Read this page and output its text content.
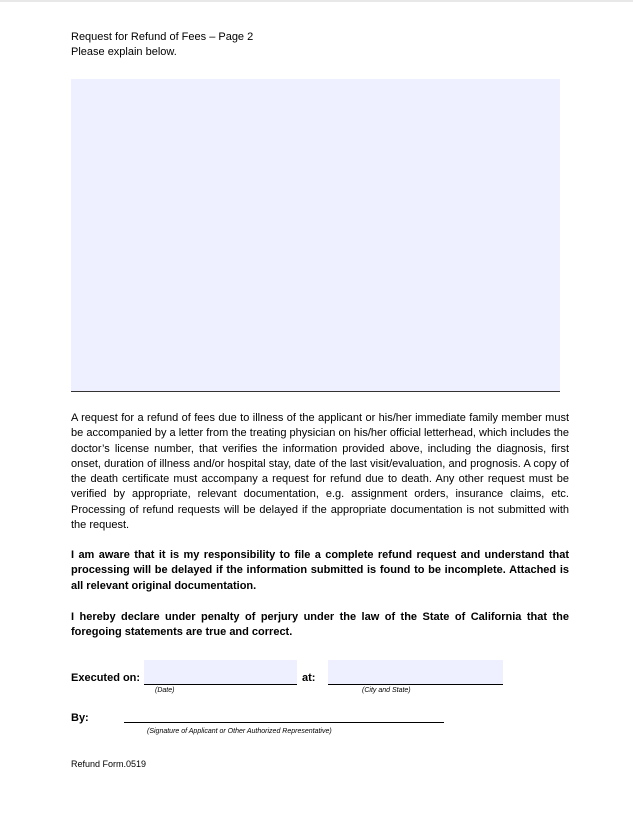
Request for Refund of Fees – Page 2
Please explain below.
A request for a refund of fees due to illness of the applicant or his/her immediate family member must be accompanied by a letter from the treating physician on his/her official letterhead, which includes the doctor’s license number, that verifies the information provided above, including the diagnosis, first onset, duration of illness and/or hospital stay, date of the last visit/evaluation, and prognosis. A copy of the death certificate must accompany a request for refund due to death. Any other request must be verified by appropriate, relevant documentation, e.g. assignment orders, insurance claims, etc. Processing of refund requests will be delayed if the appropriate documentation is not submitted with the request.
I am aware that it is my responsibility to file a complete refund request and understand that processing will be delayed if the information submitted is found to be incomplete. Attached is all relevant original documentation.
I hereby declare under penalty of perjury under the law of the State of California that the foregoing statements are true and correct.
Executed on:
(Date)
at:
(City and State)
By:
(Signature of Applicant or Other Authorized Representative)
Refund Form.0519
